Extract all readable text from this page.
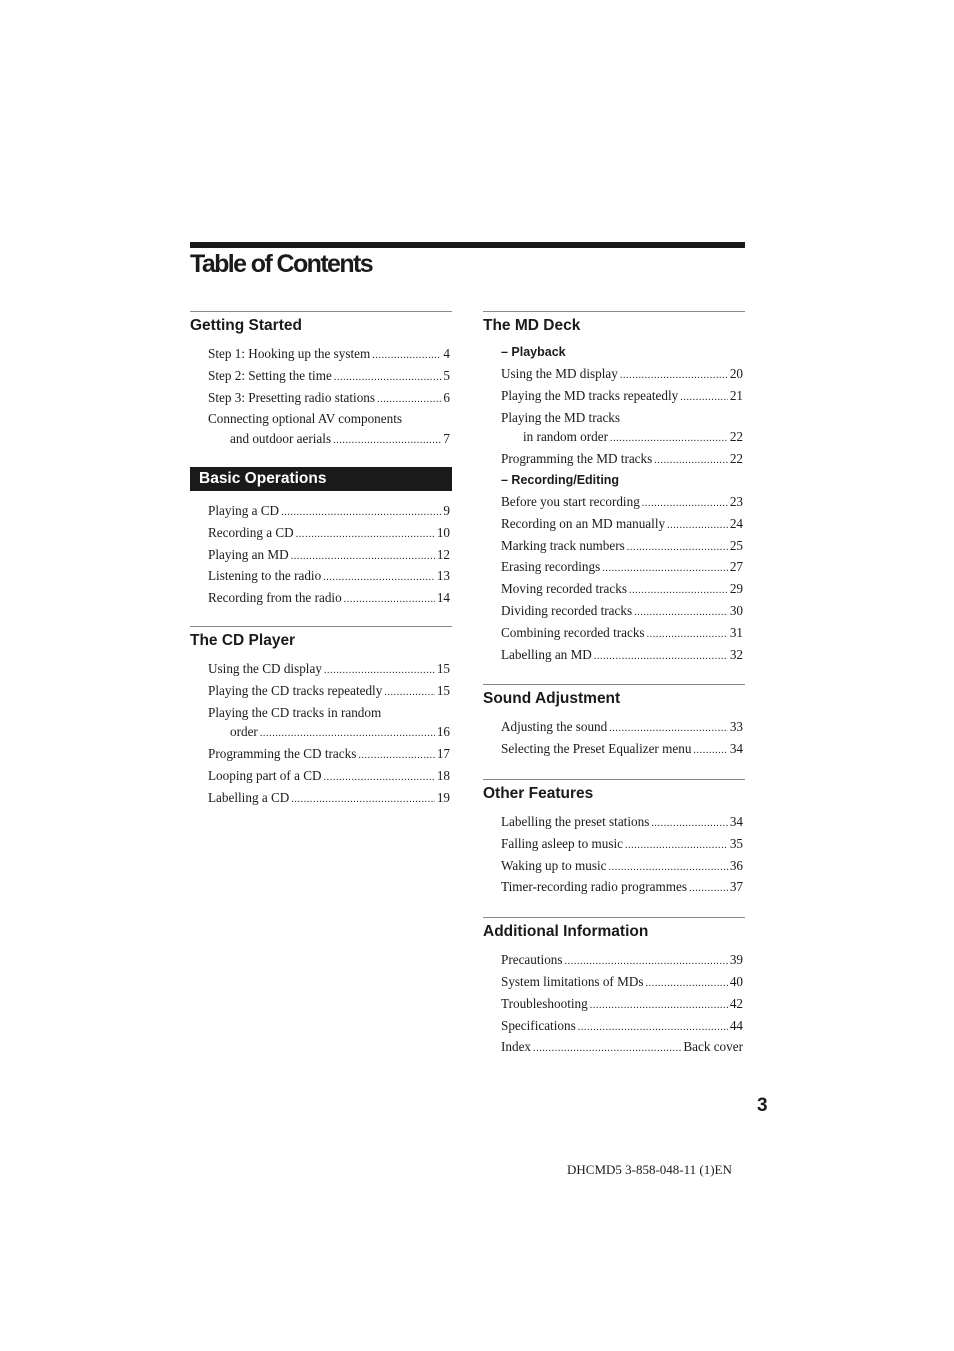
Table of Contents
Getting Started
Step 1: Hooking up the system .....	4
Step 2: Setting the time .....	5
Step 3: Presetting radio stations .....	6
Connecting optional AV components
and outdoor aerials .....	7
Basic Operations
Playing a CD .....	9
Recording a CD .....	10
Playing an MD .....	12
Listening to the radio .....	13
Recording from the radio .....	14
The CD Player
Using the CD display .....	15
Playing the CD tracks repeatedly .....	15
Playing the CD tracks in random
order .....	16
Programming the CD tracks .....	17
Looping part of a CD .....	18
Labelling a CD .....	19
The MD Deck
– Playback
Using the MD display .....	20
Playing the MD tracks repeatedly .....	21
Playing the MD tracks
in random order .....	22
Programming the MD tracks .....	22
– Recording/Editing
Before you start recording .....	23
Recording on an MD manually .....	24
Marking track numbers .....	25
Erasing recordings .....	27
Moving recorded tracks .....	29
Dividing recorded tracks .....	30
Combining recorded tracks .....	31
Labelling an MD .....	32
Sound Adjustment
Adjusting the sound .....	33
Selecting the Preset Equalizer menu .....	34
Other Features
Labelling the preset stations .....	34
Falling asleep to music .....	35
Waking up to music .....	36
Timer-recording radio programmes .....	37
Additional Information
Precautions .....	39
System limitations of MDs .....	40
Troubleshooting .....	42
Specifications .....	44
Index .....	Back cover
3
DHCMD5 3-858-048-11 (1)EN
